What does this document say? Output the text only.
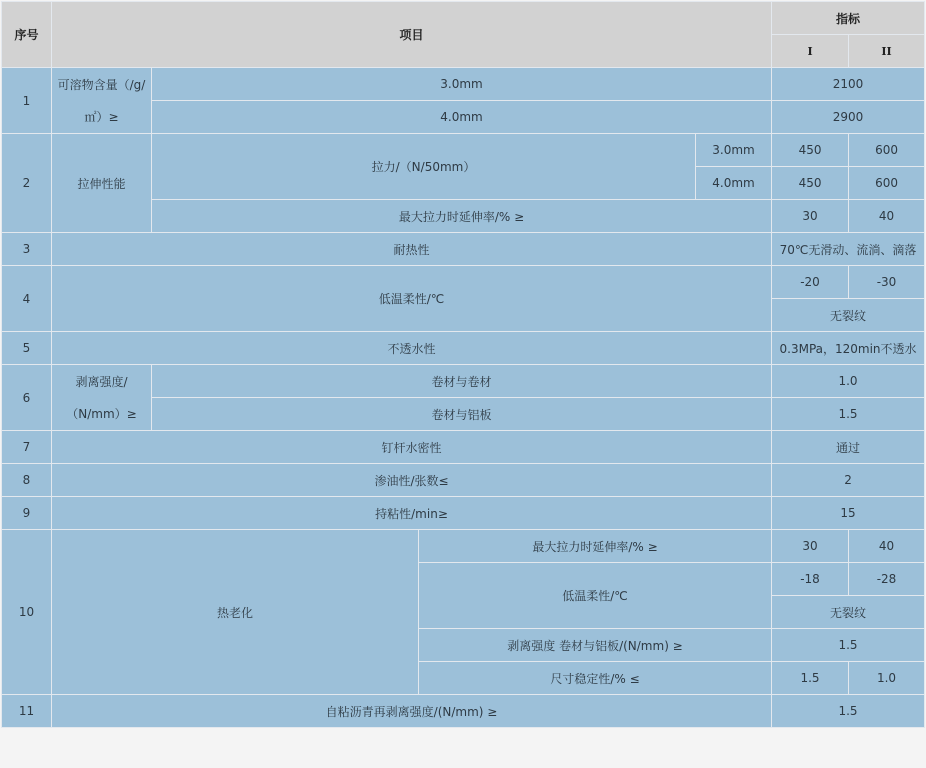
序号	项目				指标	
					I	II
1	可溶物含量（/g/㎡）≥	3.0mm			2100	
		4.0mm			2900	
2	拉伸性能	拉力/（N/50mm）		3.0mm	450	600
				4.0mm	450	600
		最大拉力时延伸率/% ≥			30	40
3	耐热性				70℃无滑动、流淌、滴落	
4	低温柔性/℃				-20	-30
					无裂纹	
5	不透水性				0.3MPa，120min不透水	
6	剥离强度/（N/mm）≥	卷材与卷材			1.0	
		卷材与铝板			1.5	
7	钉杆水密性				通过	
8	渗油性/张数≤				2	
9	持粘性/min≥				15	
10	热老化		最大拉力时延伸率/% ≥		30	40
			低温柔性/℃		-18	-28
					无裂纹	
			剥离强度 卷材与铝板/(N/mm) ≥		1.5	
			尺寸稳定性/% ≤		1.5	1.0
11	自粘沥青再剥离强度/(N/mm) ≥				1.5	
